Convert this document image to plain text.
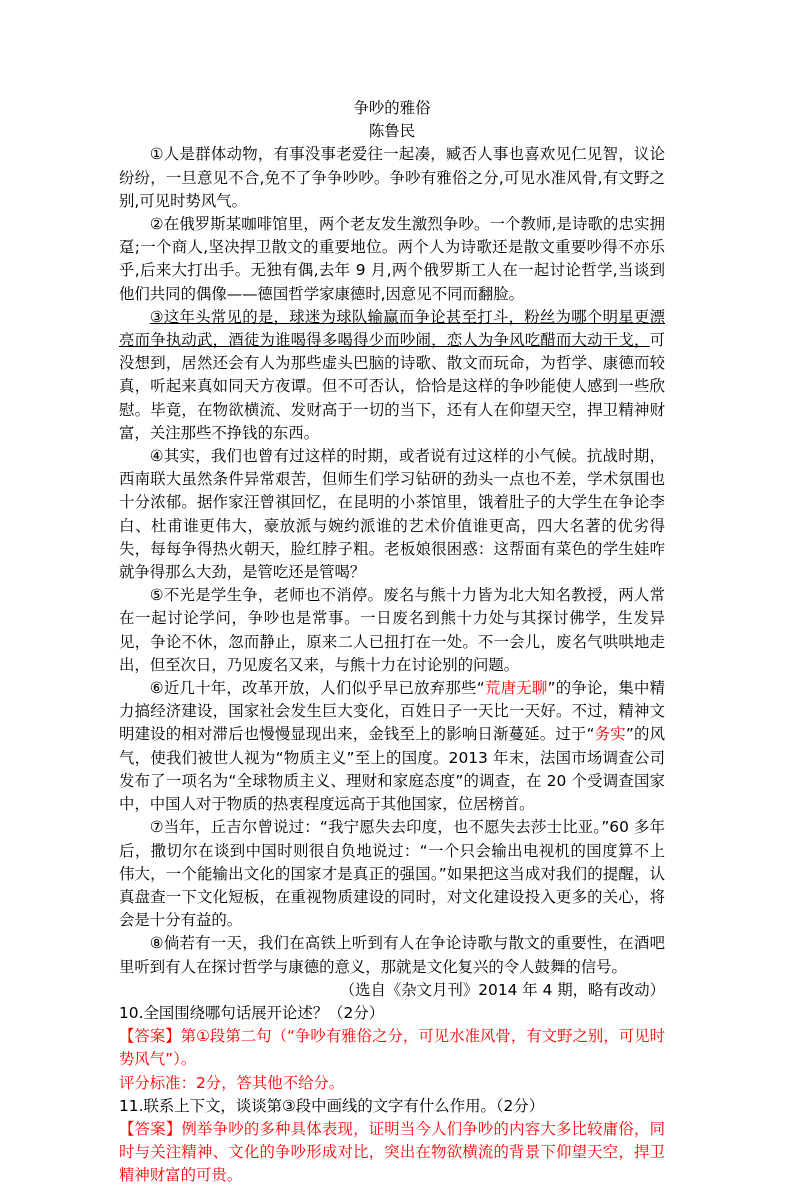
争吵的雅俗
陈鲁民

①人是群体动物，有事没事老爱往一起凑，臧否人事也喜欢见仁见智，议论纷纷，一旦意见不合,免不了争争吵吵。争吵有雅俗之分,可见水准风骨,有文野之别,可见时势风气。

②在俄罗斯某咖啡馆里，两个老友发生激烈争吵。一个教师,是诗歌的忠实拥趸;一个商人,坚决捍卫散文的重要地位。两个人为诗歌还是散文重要吵得不亦乐乎,后来大打出手。无独有偶,去年 9 月,两个俄罗斯工人在一起讨论哲学,当谈到他们共同的偶像——德国哲学家康德时,因意见不同而翻脸。

③这年头常见的是，球迷为球队输赢而争论甚至打斗，粉丝为哪个明星更漂亮而争执动武，酒徒为谁喝得多喝得少而吵闹，恋人为争风吃醋而大动干戈，可没想到，居然还会有人为那些虚头巴脑的诗歌、散文而玩命，为哲学、康德而较真，听起来真如同天方夜谭。但不可否认，恰恰是这样的争吵能使人感到一些欣慰。毕竟，在物欲横流、发财高于一切的当下，还有人在仰望天空，捍卫精神财富，关注那些不挣钱的东西。

④其实，我们也曾有过这样的时期，或者说有过这样的小气候。抗战时期，西南联大虽然条件异常艰苦，但师生们学习钻研的劲头一点也不差，学术氛围也十分浓郁。据作家汪曾祺回忆，在昆明的小茶馆里，饿着肚子的大学生在争论李白、杜甫谁更伟大，豪放派与婉约派谁的艺术价值谁更高，四大名著的优劣得失，每每争得热火朝天，脸红脖子粗。老板娘很困惑：这帮面有菜色的学生娃咋就争得那么大劲，是管吃还是管喝？

⑤不光是学生争，老师也不消停。废名与熊十力皆为北大知名教授，两人常在一起讨论学问，争吵也是常事。一日废名到熊十力处与其探讨佛学，生发异见，争论不休，忽而静止，原来二人已扭打在一处。不一会儿，废名气哄哄地走出，但至次日，乃见废名又来，与熊十力在讨论别的问题。

⑥近几十年，改革开放，人们似乎早已放弃那些“荒唐无聊”的争论，集中精力搞经济建设，国家社会发生巨大变化，百姓日子一天比一天好。不过，精神文明建设的相对滞后也慢慢显现出来，金钱至上的影响日渐蔓延。过于“务实”的风气，使我们被世人视为“物质主义”至上的国度。2013 年末，法国市场调查公司发布了一项名为“全球物质主义、理财和家庭态度”的调查，在 20 个受调查国家中，中国人对于物质的热衷程度远高于其他国家，位居榜首。

⑦当年，丘吉尔曾说过：“我宁愿失去印度，也不愿失去莎士比亚。”60 多年后，撒切尔在谈到中国时则很自负地说过：“一个只会输出电视机的国度算不上伟大，一个能输出文化的国家才是真正的强国。”如果把这当成对我们的提醒，认真盘查一下文化短板，在重视物质建设的同时，对文化建设投入更多的关心，将会是十分有益的。

⑧倘若有一天，我们在高铁上听到有人在争论诗歌与散文的重要性，在酒吧里听到有人在探讨哲学与康德的意义，那就是文化复兴的令人鼓舞的信号。

（选自《杂文月刊》2014 年 4 期，略有改动）

10.全国围绕哪句话展开论述？（2分）

【答案】第①段第二句（“争吵有雅俗之分，可见水准风骨，有文野之别，可见时势风气”）。

评分标准：2分，答其他不给分。

11.联系上下文，谈谈第③段中画线的文字有什么作用。（2分）

【答案】例举争吵的多种具体表现，证明当今人们争吵的内容大多比较庸俗，同时与关注精神、文化的争吵形成对比，突出在物欲横流的背景下仰望天空，捍卫精神财富的可贵。
